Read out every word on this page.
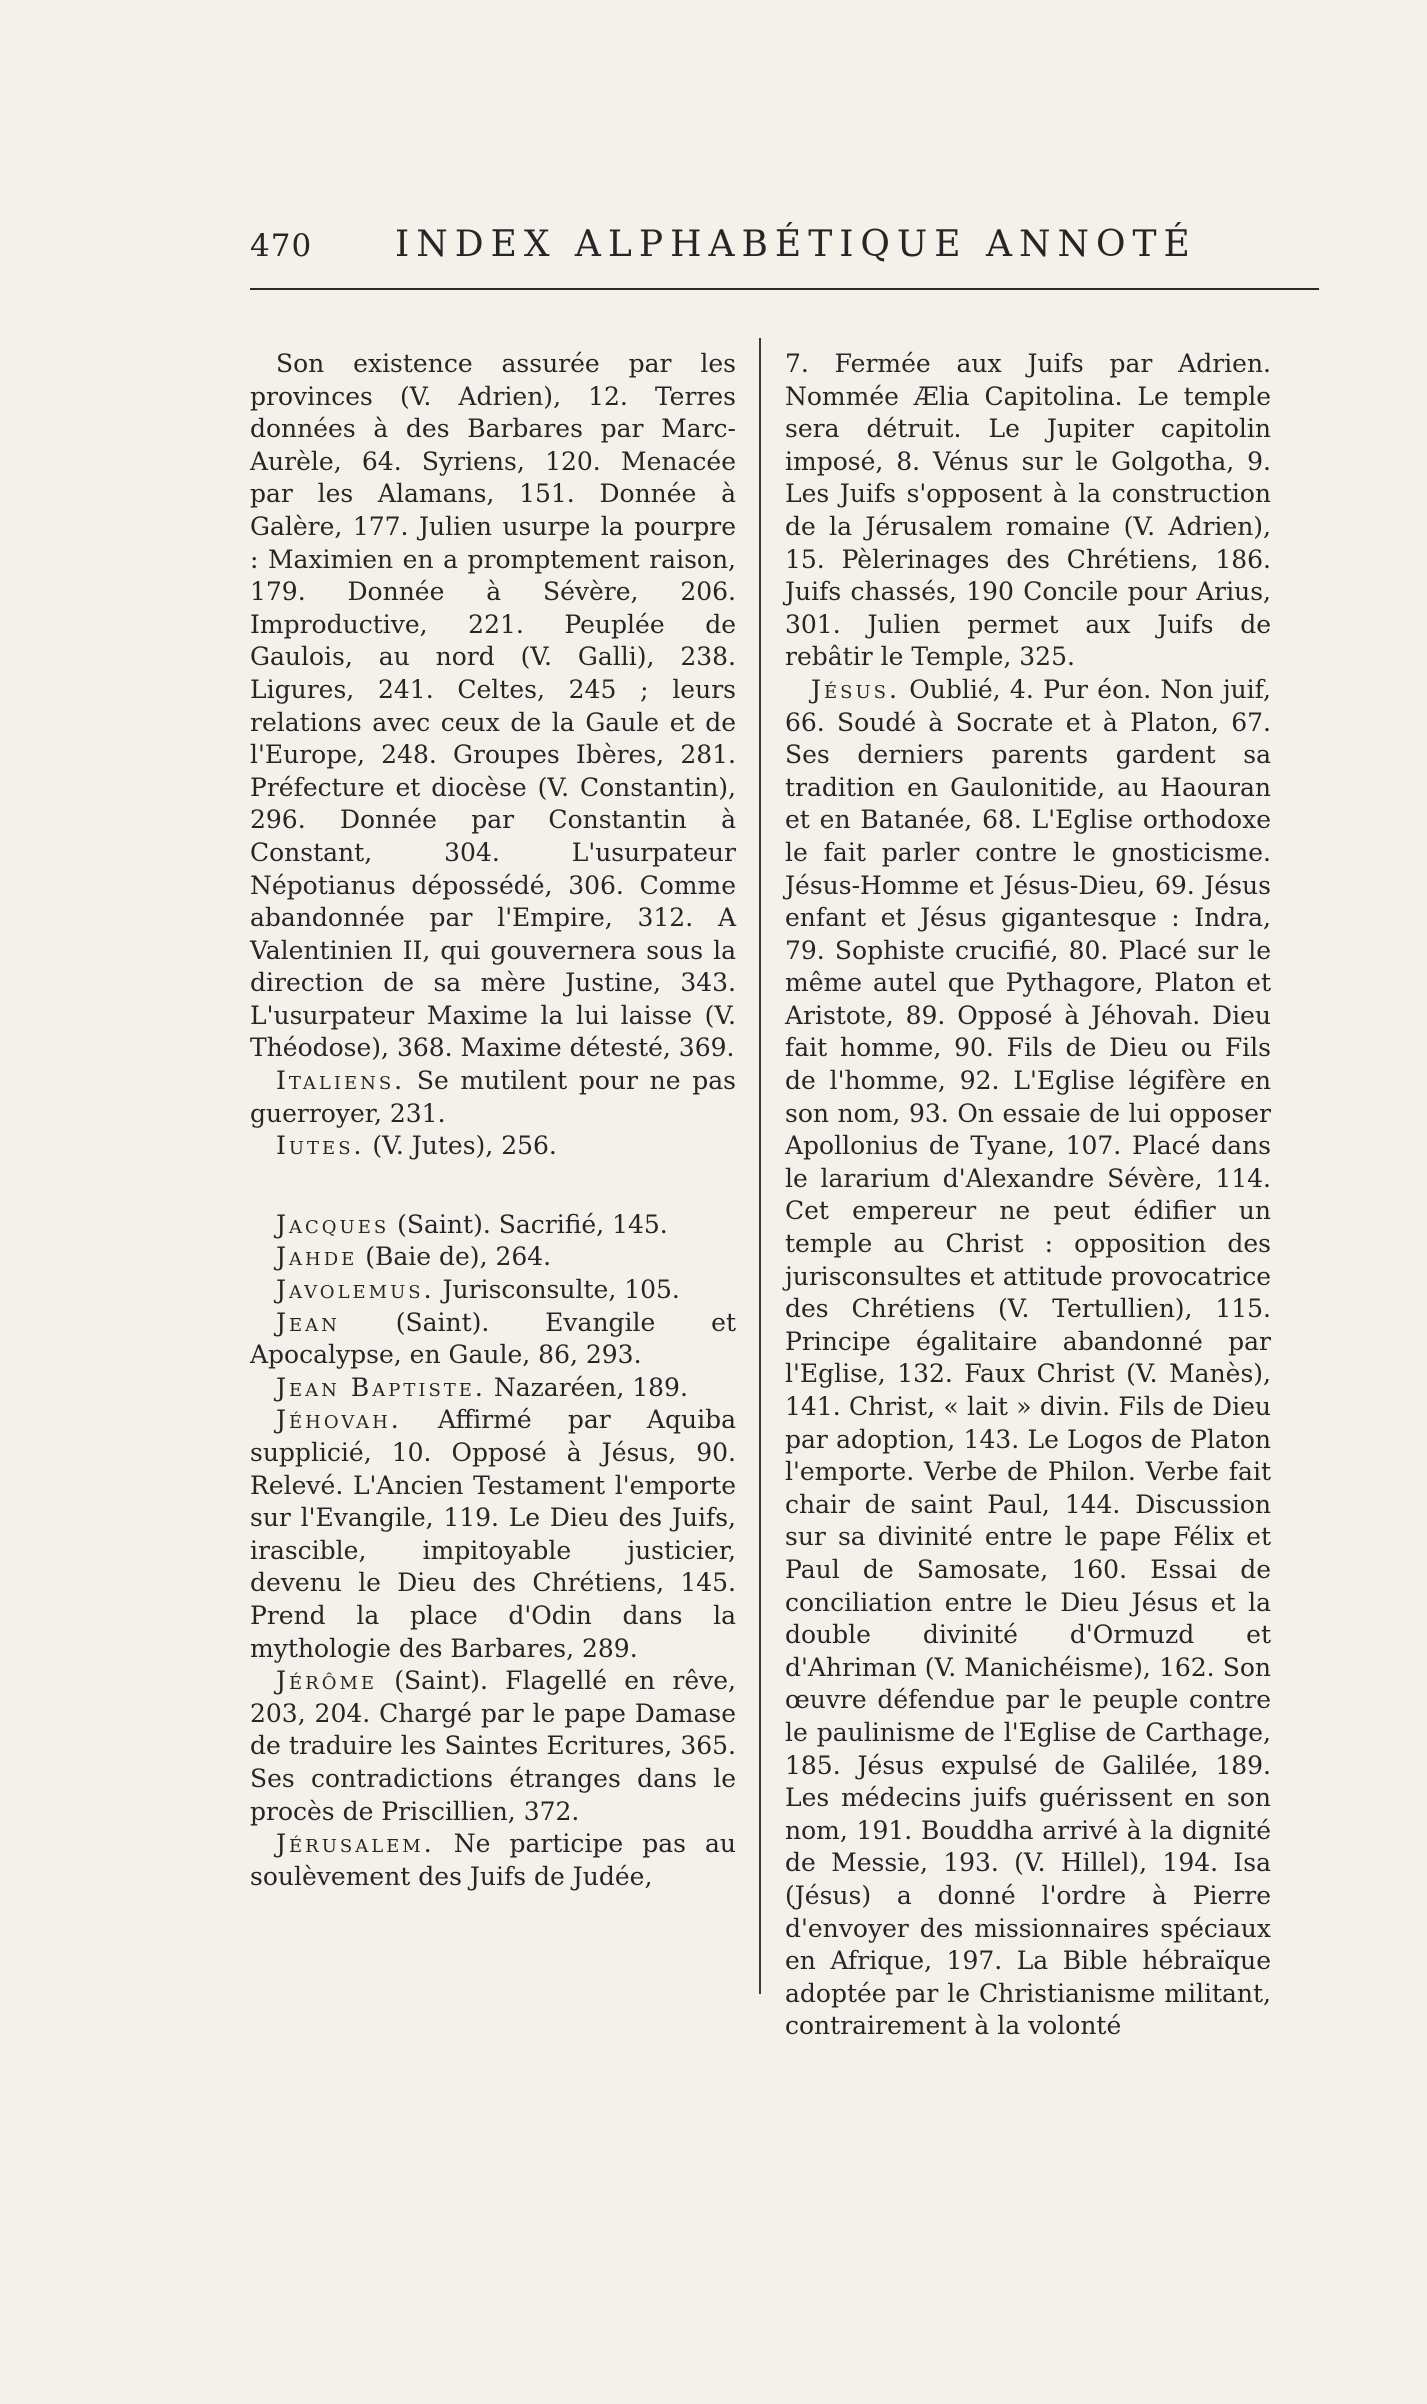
470 INDEX ALPHABÉTIQUE ANNOTÉ

Son existence assurée par les provinces (V. Adrien), 12. Terres données à des Barbares par Marc-Aurèle, 64. Syriens, 120. Menacée par les Alamans, 151. Donnée à Galère, 177. Julien usurpe la pourpre : Maximien en a promptement raison, 179. Donnée à Sévère, 206. Improductive, 221. Peuplée de Gaulois, au nord (V. Galli), 238. Ligures, 241. Celtes, 245 ; leurs relations avec ceux de la Gaule et de l'Europe, 248. Groupes Ibères, 281. Préfecture et diocèse (V. Constantin), 296. Donnée par Constantin à Constant, 304. L'usurpateur Népotianus dépossédé, 306. Comme abandonnée par l'Empire, 312. A Valentinien II, qui gouvernera sous la direction de sa mère Justine, 343. L'usurpateur Maxime la lui laisse (V. Théodose), 368. Maxime détesté, 369.

Italiens. Se mutilent pour ne pas guerroyer, 231.

Iutes. (V. Jutes), 256.

Jacques (Saint). Sacrifié, 145.

Jahde (Baie de), 264.

Javolemus. Jurisconsulte, 105.

Jean (Saint). Evangile et Apocalypse, en Gaule, 86, 293.

Jean Baptiste. Nazaréen, 189.

Jéhovah. Affirmé par Aquiba supplicié, 10. Opposé à Jésus, 90. Relevé. L'Ancien Testament l'emporte sur l'Evangile, 119. Le Dieu des Juifs, irascible, impitoyable justicier, devenu le Dieu des Chrétiens, 145. Prend la place d'Odin dans la mythologie des Barbares, 289.

Jérôme (Saint). Flagellé en rêve, 203, 204. Chargé par le pape Damase de traduire les Saintes Ecritures, 365. Ses contradictions étranges dans le procès de Priscillien, 372.

Jérusalem. Ne participe pas au soulèvement des Juifs de Judée,

7. Fermée aux Juifs par Adrien. Nommée Ælia Capitolina. Le temple sera détruit. Le Jupiter capitolin imposé, 8. Vénus sur le Golgotha, 9. Les Juifs s'opposent à la construction de la Jérusalem romaine (V. Adrien), 15. Pèlerinages des Chrétiens, 186. Juifs chassés, 190 Concile pour Arius, 301. Julien permet aux Juifs de rebâtir le Temple, 325.

Jésus. Oublié, 4. Pur éon. Non juif, 66. Soudé à Socrate et à Platon, 67. Ses derniers parents gardent sa tradition en Gaulonitide, au Haouran et en Batanée, 68. L'Eglise orthodoxe le fait parler contre le gnosticisme. Jésus-Homme et Jésus-Dieu, 69. Jésus enfant et Jésus gigantesque : Indra, 79. Sophiste crucifié, 80. Placé sur le même autel que Pythagore, Platon et Aristote, 89. Opposé à Jéhovah. Dieu fait homme, 90. Fils de Dieu ou Fils de l'homme, 92. L'Eglise légifère en son nom, 93. On essaie de lui opposer Apollonius de Tyane, 107. Placé dans le lararium d'Alexandre Sévère, 114. Cet empereur ne peut édifier un temple au Christ : opposition des jurisconsultes et attitude provocatrice des Chrétiens (V. Tertullien), 115. Principe égalitaire abandonné par l'Eglise, 132. Faux Christ (V. Manès), 141. Christ, « lait » divin. Fils de Dieu par adoption, 143. Le Logos de Platon l'emporte. Verbe de Philon. Verbe fait chair de saint Paul, 144. Discussion sur sa divinité entre le pape Félix et Paul de Samosate, 160. Essai de conciliation entre le Dieu Jésus et la double divinité d'Ormuzd et d'Ahriman (V. Manichéisme), 162. Son œuvre défendue par le peuple contre le paulinisme de l'Eglise de Carthage, 185. Jésus expulsé de Galilée, 189. Les médecins juifs guérissent en son nom, 191. Bouddha arrivé à la dignité de Messie, 193. (V. Hillel), 194. Isa (Jésus) a donné l'ordre à Pierre d'envoyer des missionnaires spéciaux en Afrique, 197. La Bible hébraïque adoptée par le Christianisme militant, contrairement à la volonté
